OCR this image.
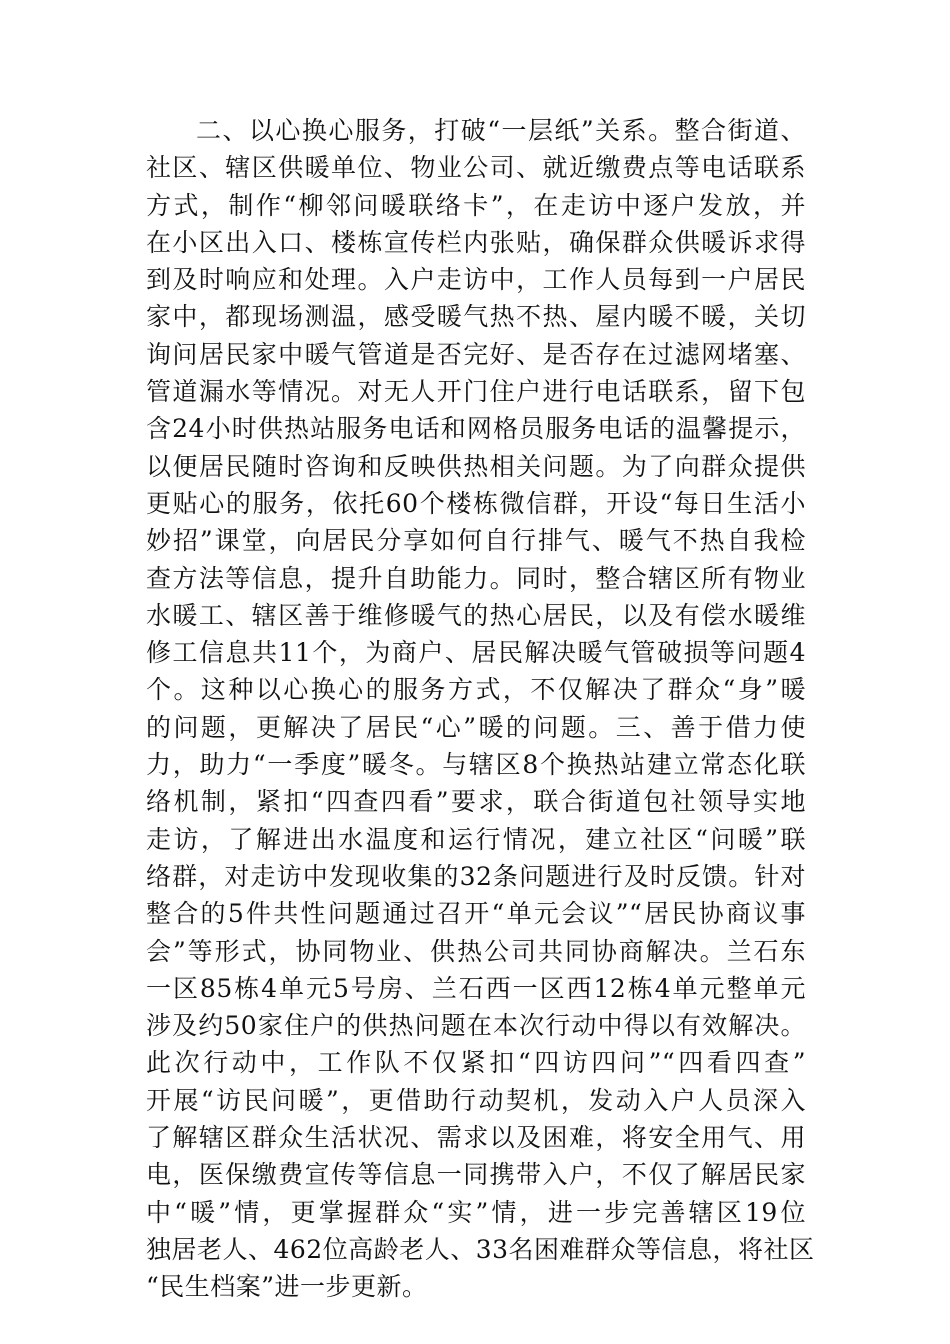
二、以心换心服务，打破“一层纸”关系。整合街道、
社区、辖区供暖单位、物业公司、就近缴费点等电话联系
方式，制作“柳邻问暖联络卡”，在走访中逐户发放，并
在小区出入口、楼栋宣传栏内张贴，确保群众供暖诉求得
到及时响应和处理。入户走访中，工作人员每到一户居民
家中，都现场测温，感受暖气热不热、屋内暖不暖，关切
询问居民家中暖气管道是否完好、是否存在过滤网堵塞、
管道漏水等情况。对无人开门住户进行电话联系，留下包
含24小时供热站服务电话和网格员服务电话的温馨提示，
以便居民随时咨询和反映供热相关问题。为了向群众提供
更贴心的服务，依托60个楼栋微信群，开设“每日生活小
妙招”课堂，向居民分享如何自行排气、暖气不热自我检
查方法等信息，提升自助能力。同时，整合辖区所有物业
水暖工、辖区善于维修暖气的热心居民，以及有偿水暖维
修工信息共11个，为商户、居民解决暖气管破损等问题4
个。这种以心换心的服务方式，不仅解决了群众“身”暖
的问题，更解决了居民“心”暖的问题。三、善于借力使
力，助力“一季度”暖冬。与辖区8个换热站建立常态化联
络机制，紧扣“四查四看”要求，联合街道包社领导实地
走访，了解进出水温度和运行情况，建立社区“问暖”联
络群，对走访中发现收集的32条问题进行及时反馈。针对
整合的5件共性问题通过召开“单元会议”“居民协商议事
会”等形式，协同物业、供热公司共同协商解决。兰石东
一区85栋4单元5号房、兰石西一区西12栋4单元整单元
涉及约50家住户的供热问题在本次行动中得以有效解决。
此次行动中，工作队不仅紧扣“四访四问”“四看四查”
开展“访民问暖”，更借助行动契机，发动入户人员深入
了解辖区群众生活状况、需求以及困难，将安全用气、用
电，医保缴费宣传等信息一同携带入户，不仅了解居民家
中“暖”情，更掌握群众“实”情，进一步完善辖区19位
独居老人、462位高龄老人、33名困难群众等信息，将社区
“民生档案”进一步更新。
